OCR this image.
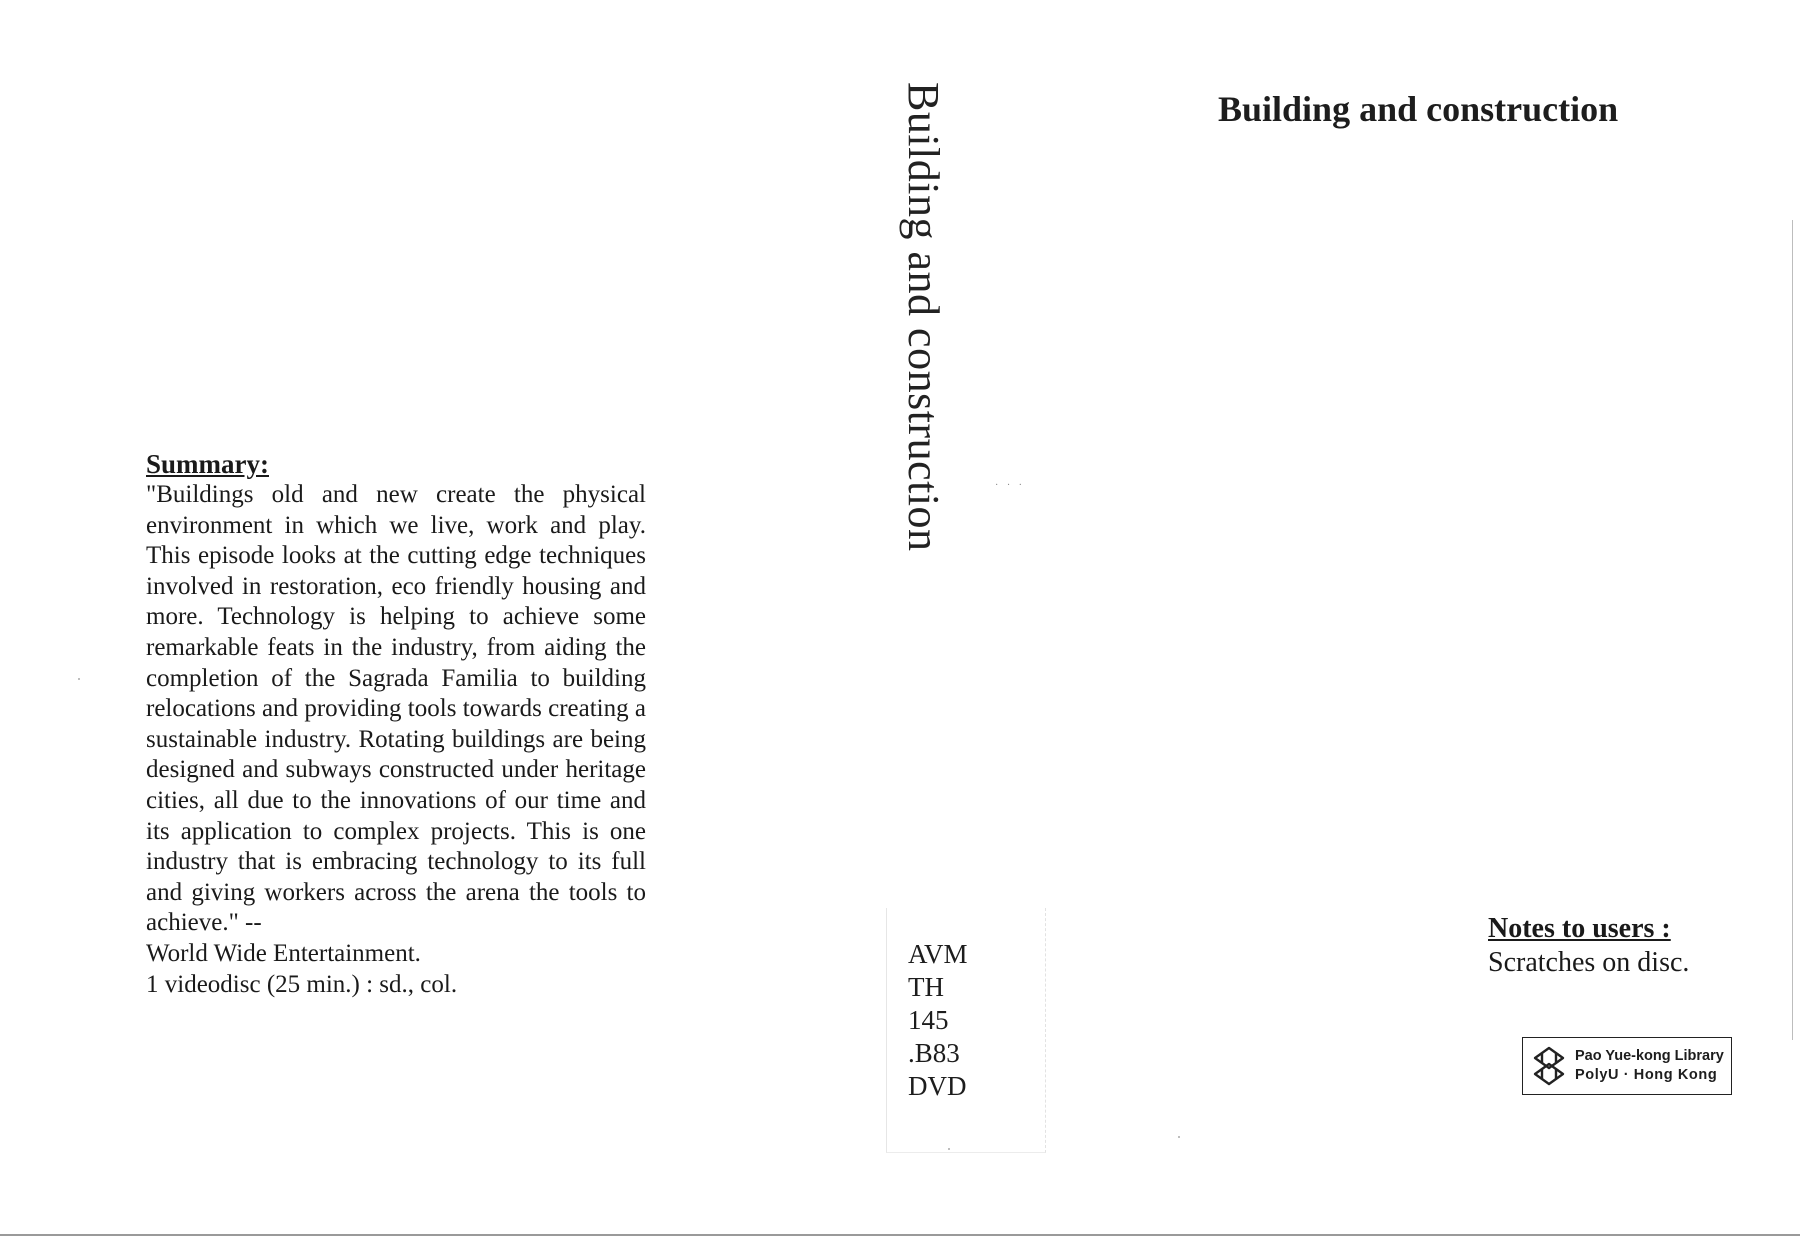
Summary:

"Buildings old and new create the physical environment in which we live, work and play. This episode looks at the cutting edge techniques involved in restoration, eco friendly housing and more. Technology is helping to achieve some remarkable feats in the industry, from aiding the completion of the Sagrada Familia to building relocations and providing tools towards creating a sustainable industry. Rotating buildings are being designed and subways constructed under heritage cities, all due to the innovations of our time and its application to complex projects. This is one industry that is embracing technology to its full and giving workers across the arena the tools to achieve." --

World Wide Entertainment.

1 videodisc (25 min.) : sd., col.

Building and construction	· · ·
AVM
TH
145
.B83
DVD
Building and construction
Notes to users :
Scratches on disc.
Pao Yue-kong Library
PolyU · Hong Kong
